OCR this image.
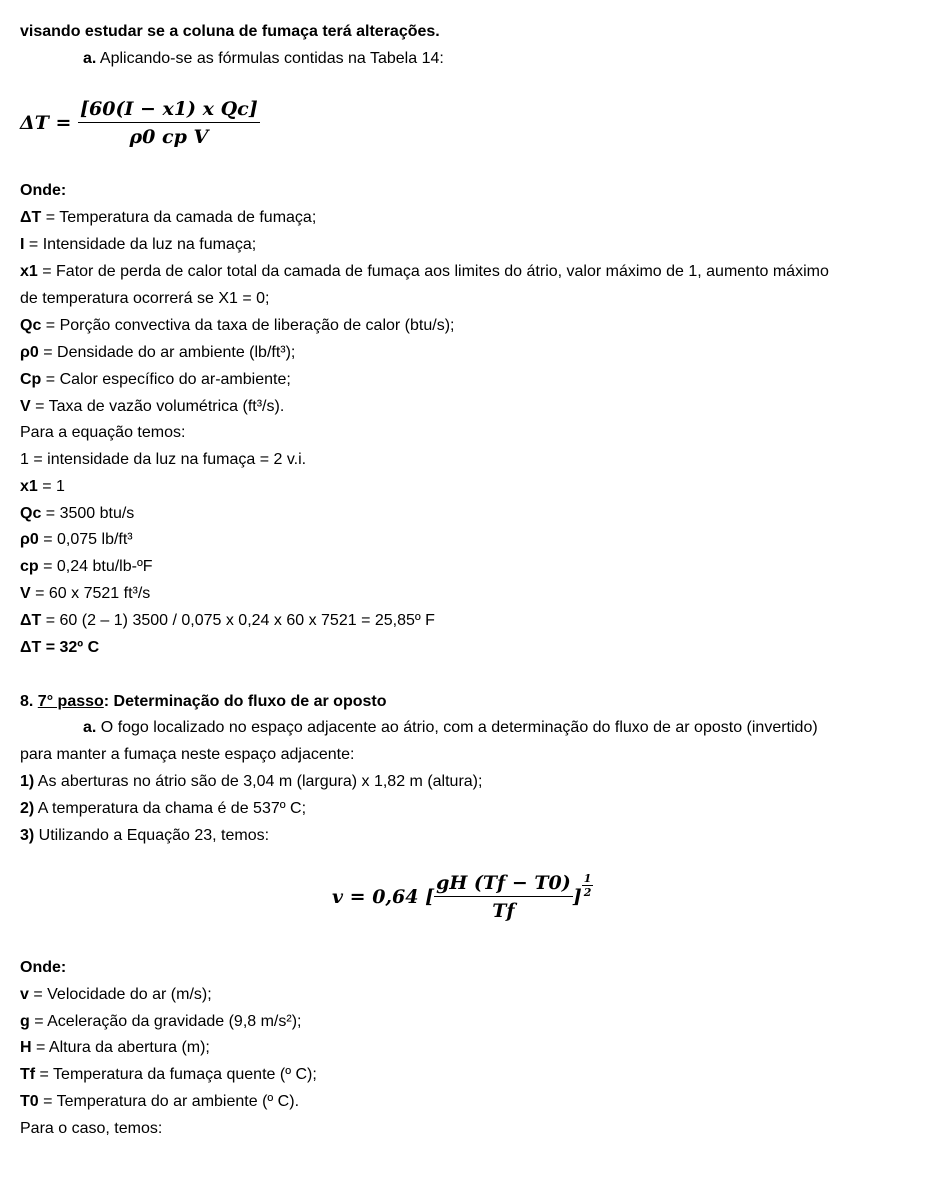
visando estudar se a coluna de fumaça terá alterações.
a. Aplicando-se as fórmulas contidas na Tabela 14:
$\Delta T = \frac{\text{[60(I − x1) x Qc]}}{\text{ρ0 cp V}}$
Onde:
ΔT = Temperatura da camada de fumaça;
I = Intensidade da luz na fumaça;
x1 = Fator de perda de calor total da camada de fumaça aos limites do átrio, valor máximo de 1, aumento máximo
de temperatura ocorrerá se X1 = 0;
Qc = Porção convectiva da taxa de liberação de calor (btu/s);
ρ0 = Densidade do ar ambiente (lb/ft³);
Cp = Calor específico do ar-ambiente;
V = Taxa de vazão volumétrica (ft³/s).
Para a equação temos:
1 = intensidade da luz na fumaça = 2 v.i.
x1 = 1
Qc = 3500 btu/s
ρ0 = 0,075 lb/ft³
cp = 0,24 btu/lb-ºF
V = 60 x 7521 ft³/s
ΔT = 60 (2 – 1) 3500 / 0,075 x 0,24 x 60 x 7521 = 25,85º F
ΔT = 32º C
8. 7° passo: Determinação do fluxo de ar oposto
a. O fogo localizado no espaço adjacente ao átrio, com a determinação do fluxo de ar oposto (invertido)
para manter a fumaça neste espaço adjacente:
1) As aberturas no átrio são de 3,04 m (largura) x 1,82 m (altura);
2) A temperatura da chama é de 537º C;
3) Utilizando a Equação 23, temos:
v = 0,64 [ $\frac{gH (Tf - T0)}{Tf}$ ] $\frac{1}{2}$
Onde:
v = Velocidade do ar (m/s);
g = Aceleração da gravidade (9,8 m/s²);
H = Altura da abertura (m);
Tf = Temperatura da fumaça quente (º C);
T0 = Temperatura do ar ambiente (º C).
Para o caso, temos:
